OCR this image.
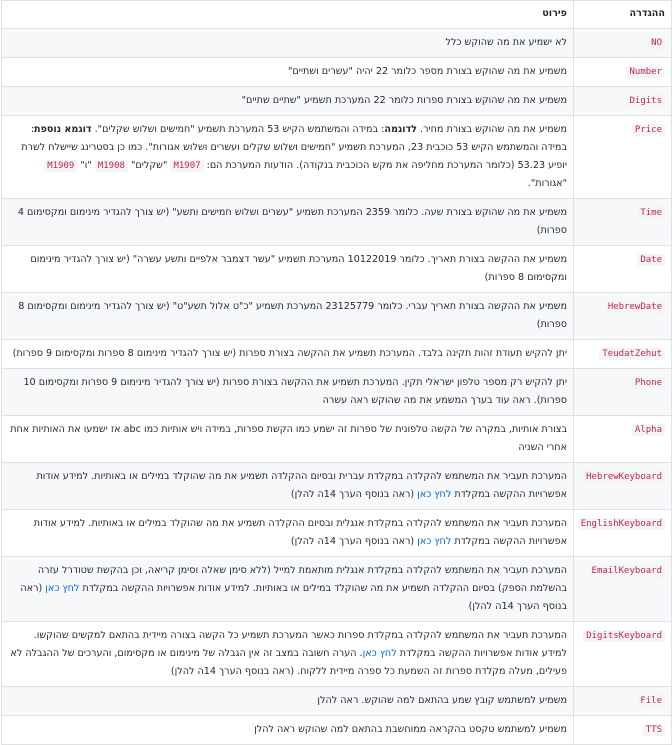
ההגדרה	פירוט
NO	לא ישמיע את מה שהוקש כלל
Number	משמיע את מה שהוקש בצורת מספר כלומר 22 יהיה "עשרים ושתיים"
Digits	משמיע את מה שהוקש בצורת ספרות כלומר 22 המערכת תשמיע "שתיים שתיים"
Price	משמיע את מה שהוקש בצורת מחיר. לדוגמה: במידה והמשתמש הקיש 53 המערכת תשמיע "חמישים ושלוש שקלים". דוגמא נוספת: במידה והמשתמש הקיש 53 כוכבית 23, המערכת תשמיע "חמישים ושלוש שקלים ועשרים ושלוש אגורות". כמו כן בסטרינג שיישלח לשרת יופיע 53.23 (כלומר המערכת מחליפה את מקש הכוכבית בנקודה). הודעות המערכת הם: M1907 "שקלים" M1908 "ו" M1909 "אגורות".
Time	משמיע את מה שהוקש בצורת שעה. כלומר 2359 המערכת תשמיע "עשרים ושלוש חמישים ותשע" (יש צורך להגדיר מינימום ומקסימום 4 ספרות)
Date	משמיע את ההקשה בצורת תאריך. כלומר 10122019 המערכת תשמיע "עשר דצמבר אלפיים ותשע עשרה" (יש צורך להגדיר מינימום ומקסימום 8 ספרות)
HebrewDate	משמיע את ההקשה בצורת תאריך עברי. כלומר 23125779 המערכת תשמיע "כ"ט אלול תשע"ט" (יש צורך להגדיר מינימום ומקסימום 8 ספרות)
TeudatZehut	יתן להקיש תעודת זהות תקינה בלבד. המערכת תשמיע את ההקשה בצורת ספרות (יש צורך להגדיר מינימום 8 ספרות ומקסימום 9 ספרות)
Phone	יתן להקיש רק מספר טלפון ישראלי תקין. המערכת תשמיע את ההקשה בצורת ספרות (יש צורך להגדיר מינימום 9 ספרות ומקסימום 10 ספרות). ראה עוד בערך המשמע את מה שהוקש ראה עשרה
Alpha	בצורת אותיות, במקרה של הקשה טלפונית של ספרות זה ישמע כמו הקשת ספרות, במידה ויש אותיות כמו abc אז ישמעו את האותיות אחת אחרי השניה
HebrewKeyboard	המערכת תעביר את המשתמש להקלדה במקלדת עברית ובסיום ההקלדה תשמיע את מה שהוקלד במילים או באותיות. למידע אודות אפשרויות ההקשה במקלדת לחץ כאן (ראה בנוסף הערך 14ה להלן)
EnglishKeyboard	המערכת תעביר את המשתמש להקלדה במקלדת אנגלית ובסיום ההקלדה תשמיע את מה שהוקלד במילים או באותיות. למידע אודות אפשרויות ההקשה במקלדת לחץ כאן (ראה בנוסף הערך 14ה להלן)
EmailKeyboard	המערכת תעביר את המשתמש להקלדה במקלדת אנגלית מותאמת למייל (ללא סימן שאלה וסימן קריאה, וכן בהקשת שטודרל עזרה בהשלמת הספק) בסיום ההקלדה תשמיע את מה שהוקלד במילים או באותיות. למידע אודות אפשרויות ההקשה במקלדת לחץ כאן (ראה בנוסף הערך 14ה להלן)
DigitsKeyboard	המערכת תעביר את המשתמש להקלדה במקלדת ספרות כאשר המערכת תשמיע כל הקשה בצורה מיידית בהתאם למקשים שהוקשו. למידע אודות אפשרויות ההקשה במקלדת לחץ כאן. הערה חשובה במצב זה אין הגבלה של מינימום או מקסימום, והערכים של ההגבלה לא פעילים, מעלה מקלדת ספרות זה השמעת כל ספרה מיידית ללקוח. (ראה בנוסף הערך 14ה להלן)
File	משמיע למשתמש קובץ שמע בהתאם למה שהוקש. ראה להלן
TTS	משמיע למשתמש טקסט בהקראה ממוחשבת בהתאם למה שהוקש ראה להלן
